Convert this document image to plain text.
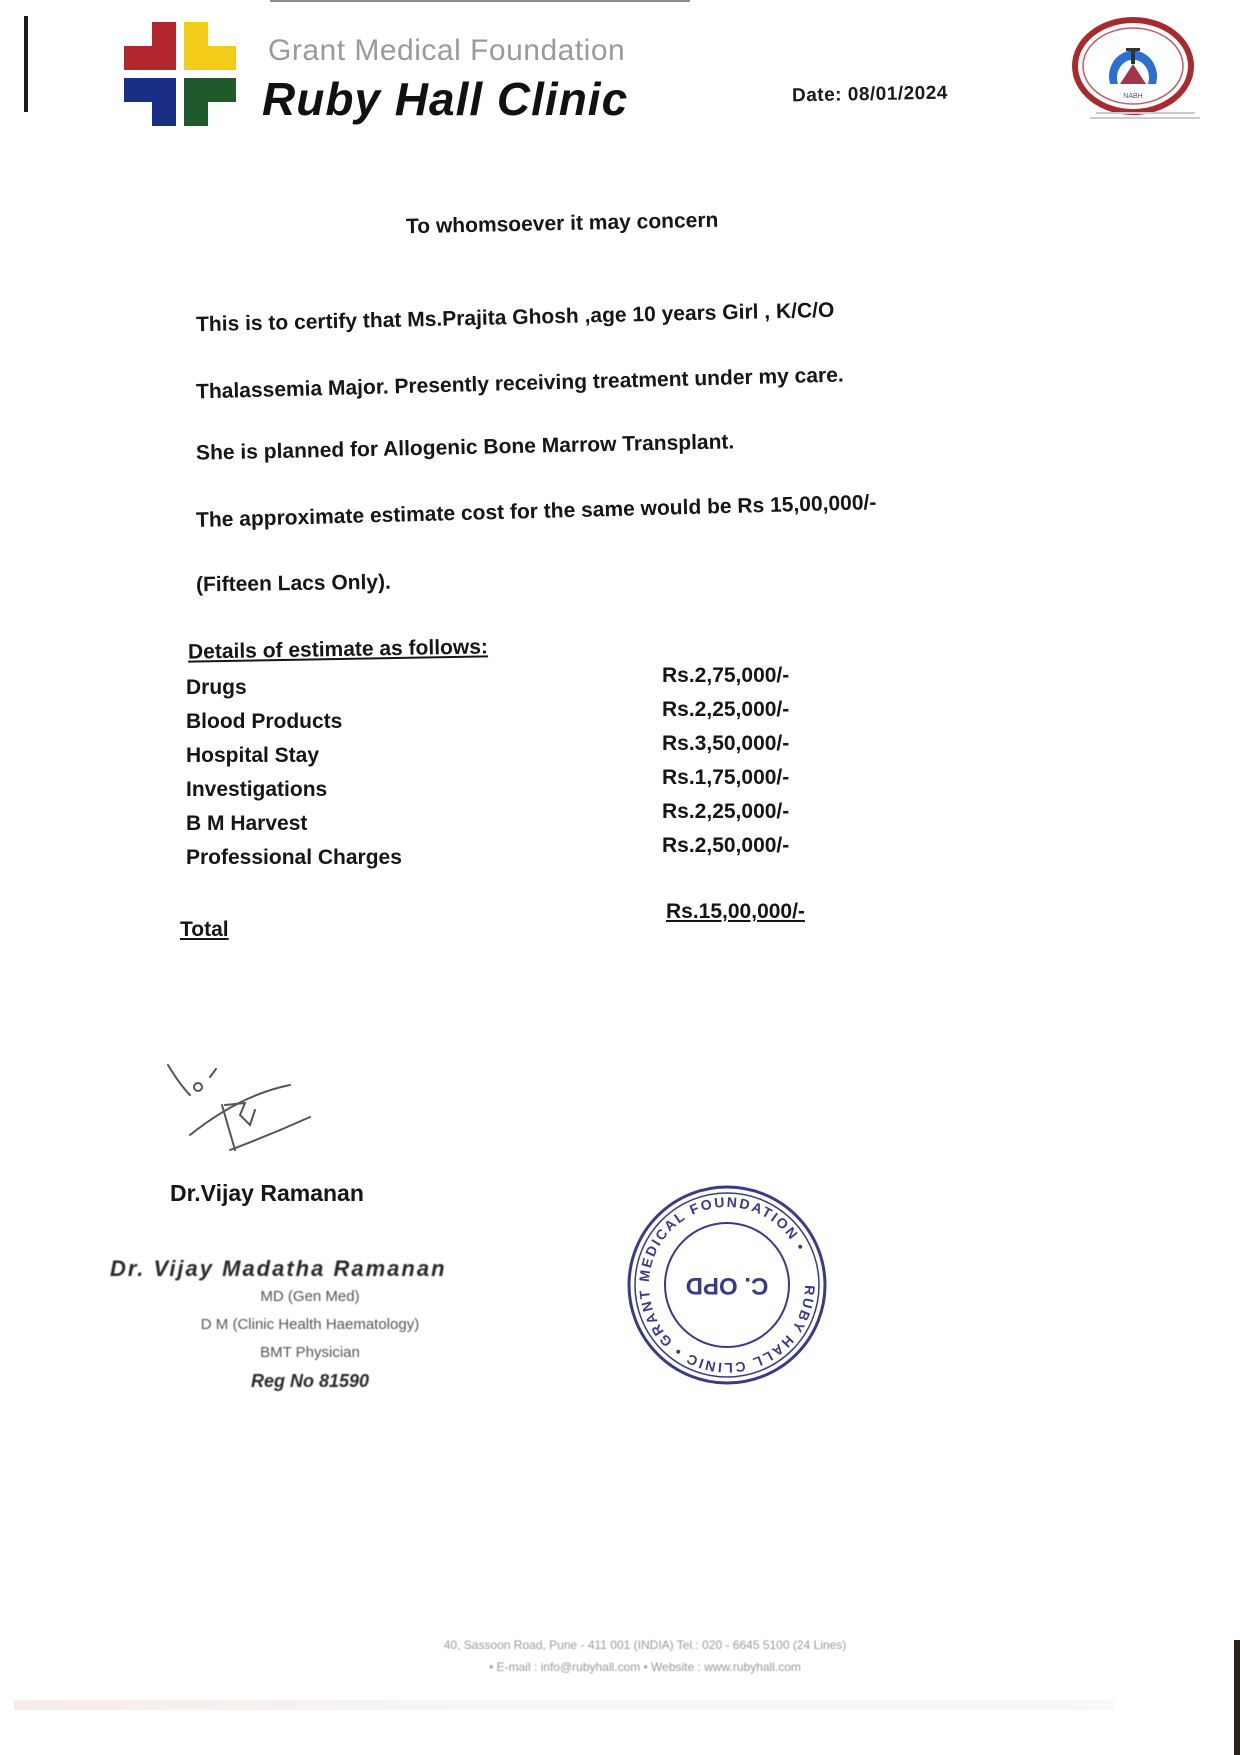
Grant Medical Foundation
Ruby Hall Clinic	Date: 08/01/2024	NABH
To whomsoever it may concern
This is to certify that Ms.Prajita Ghosh ,age 10 years Girl , K/C/O
Thalassemia Major. Presently receiving treatment under my care.
She is planned for Allogenic Bone Marrow Transplant.
The approximate estimate cost for the same would be Rs 15,00,000/-
(Fifteen Lacs Only).
Details of estimate as follows:
Drugs
Rs.2,75,000/-
Blood Products
Rs.2,25,000/-
Hospital Stay
Rs.3,50,000/-
Investigations
Rs.1,75,000/-
B M Harvest
Rs.2,25,000/-
Professional Charges
Rs.2,50,000/-
Total
Rs.15,00,000/-
Dr.Vijay Ramanan
Dr. Vijay Madatha Ramanan
MD (Gen Med)
D M (Clinic Health Haematology)
BMT Physician
Reg No 81590
RUBY HALL CLINIC • GRANT MEDICAL FOUNDATION •
C. OPD
40, Sassoon Road, Pune - 411 001 (INDIA) Tel.: 020 - 6645 5100 (24 Lines)
• E-mail : info@rubyhall.com • Website : www.rubyhall.com
